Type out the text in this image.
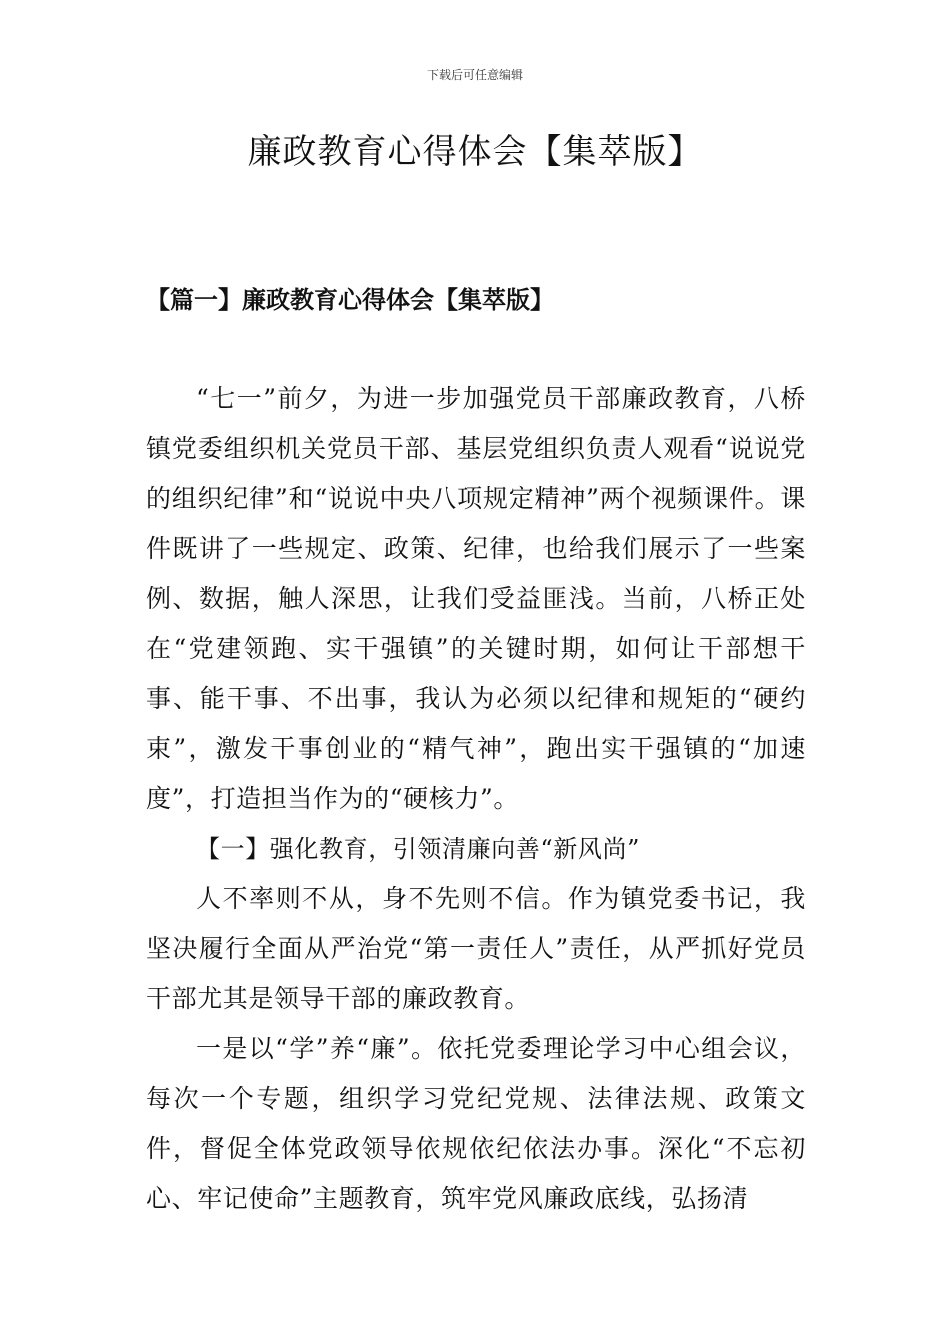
下载后可任意编辑
廉政教育心得体会【集萃版】
【篇一】廉政教育心得体会【集萃版】

“七一”前夕，为进一步加强党员干部廉政教育，八桥镇党委组织机关党员干部、基层党组织负责人观看“说说党的组织纪律”和“说说中央八项规定精神”两个视频课件。课件既讲了一些规定、政策、纪律，也给我们展示了一些案例、数据，触人深思，让我们受益匪浅。当前，八桥正处在“党建领跑、实干强镇”的关键时期，如何让干部想干事、能干事、不出事，我认为必须以纪律和规矩的“硬约束”，激发干事创业的“精气神”，跑出实干强镇的“加速度”，打造担当作为的“硬核力”。

【一】强化教育，引领清廉向善“新风尚”

人不率则不从，身不先则不信。作为镇党委书记，我坚决履行全面从严治党“第一责任人”责任，从严抓好党员干部尤其是领导干部的廉政教育。

一是以“学”养“廉”。依托党委理论学习中心组会议，每次一个专题，组织学习党纪党规、法律法规、政策文件，督促全体党政领导依规依纪依法办事。深化“不忘初心、牢记使命”主题教育，筑牢党风廉政底线，弘扬清
